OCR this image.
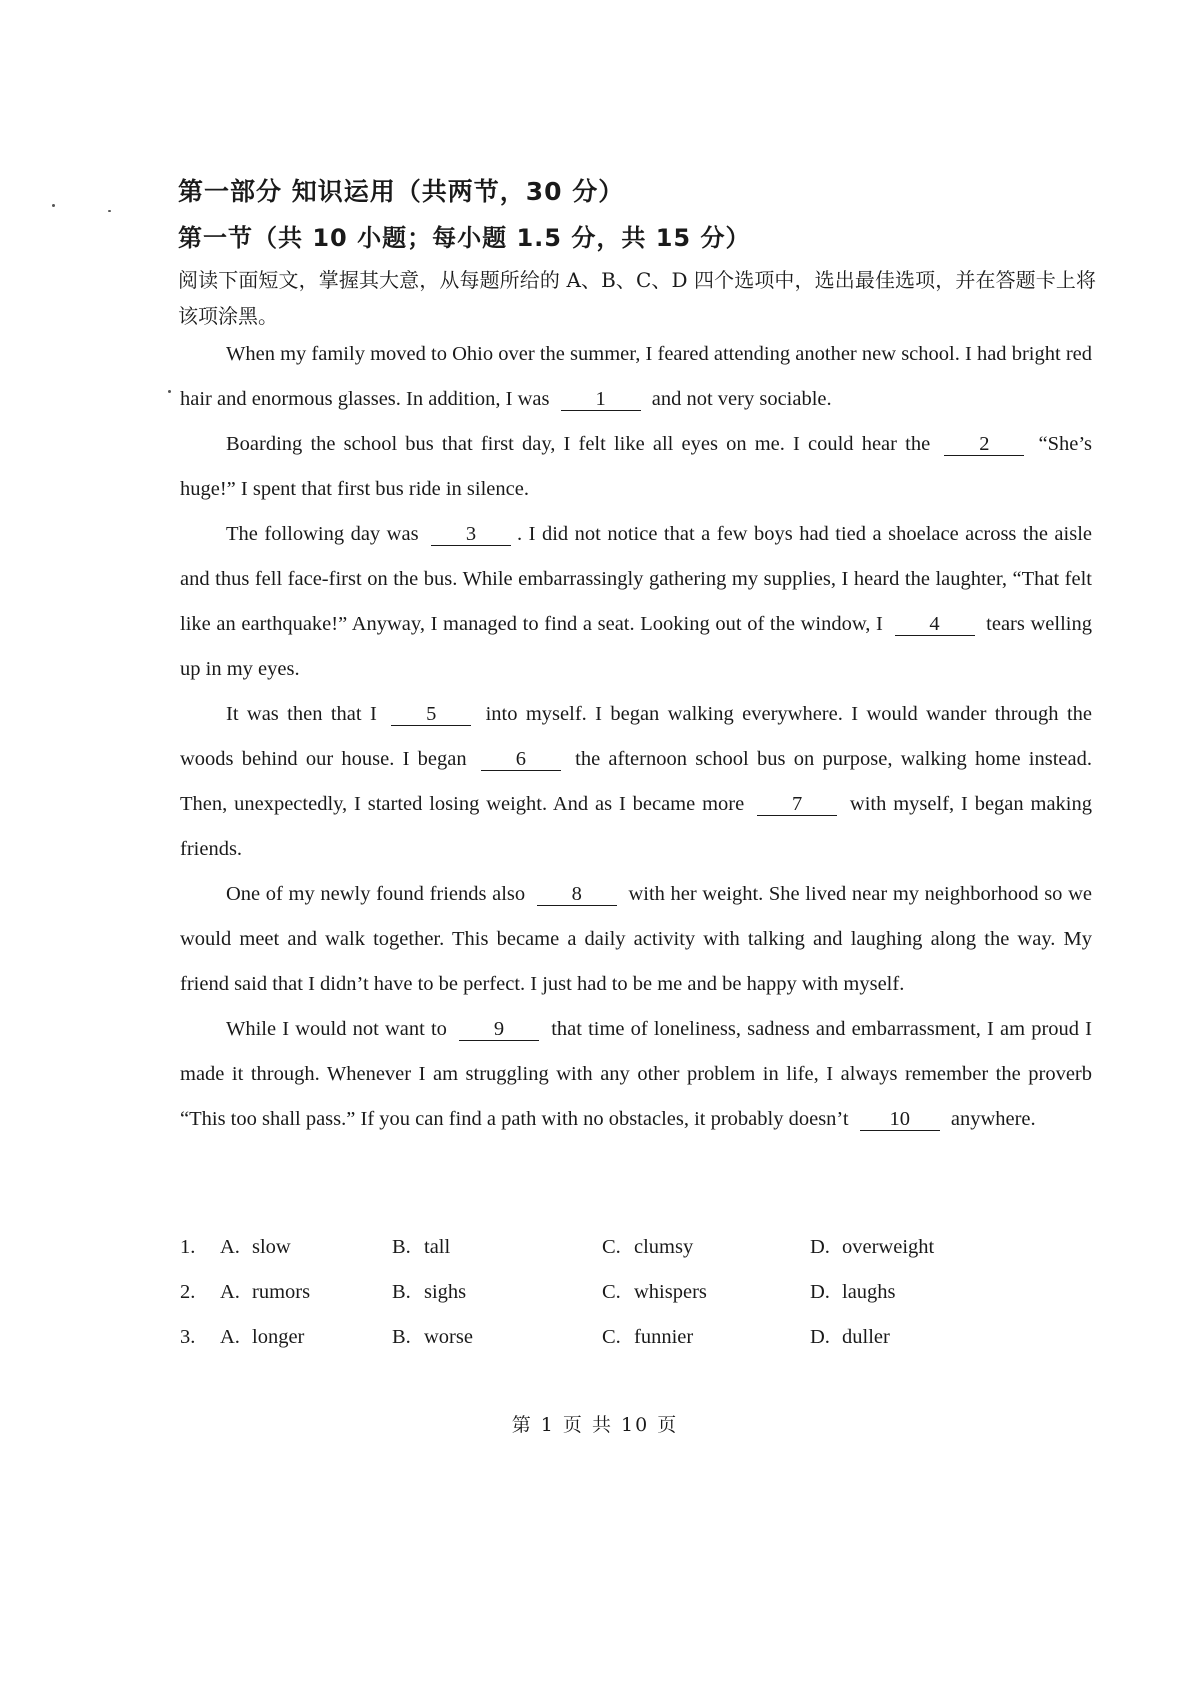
第一部分 知识运用（共两节，30 分）
第一节（共 10 小题；每小题 1.5 分，共 15 分）
阅读下面短文，掌握其大意，从每题所给的 A、B、C、D 四个选项中，选出最佳选项，并在答题卡上将该项涂黑。

When my family moved to Ohio over the summer, I feared attending another new school. I had bright red hair and enormous glasses. In addition, I was 1 and not very sociable.

Boarding the school bus that first day, I felt like all eyes on me. I could hear the 2 “She’s huge!” I spent that first bus ride in silence.

The following day was 3 . I did not notice that a few boys had tied a shoelace across the aisle and thus fell face-first on the bus. While embarrassingly gathering my supplies, I heard the laughter, “That felt like an earthquake!” Anyway, I managed to find a seat. Looking out of the window, I 4 tears welling up in my eyes.

It was then that I 5 into myself. I began walking everywhere. I would wander through the woods behind our house. I began 6 the afternoon school bus on purpose, walking home instead. Then, unexpectedly, I started losing weight. And as I became more 7 with myself, I began making friends.

One of my newly found friends also 8 with her weight. She lived near my neighborhood so we would meet and walk together. This became a daily activity with talking and laughing along the way. My friend said that I didn’t have to be perfect. I just had to be me and be happy with myself.

While I would not want to 9 that time of loneliness, sadness and embarrassment, I am proud I made it through. Whenever I am struggling with any other problem in life, I always remember the proverb “This too shall pass.” If you can find a path with no obstacles, it probably doesn’t 10 anywhere.

1. A. slow	B. tall	C. clumsy	D. overweight
2. A. rumors	B. sighs	C. whispers	D. laughs
3. A. longer	B. worse	C. funnier	D. duller
第 1 页 共 10 页
